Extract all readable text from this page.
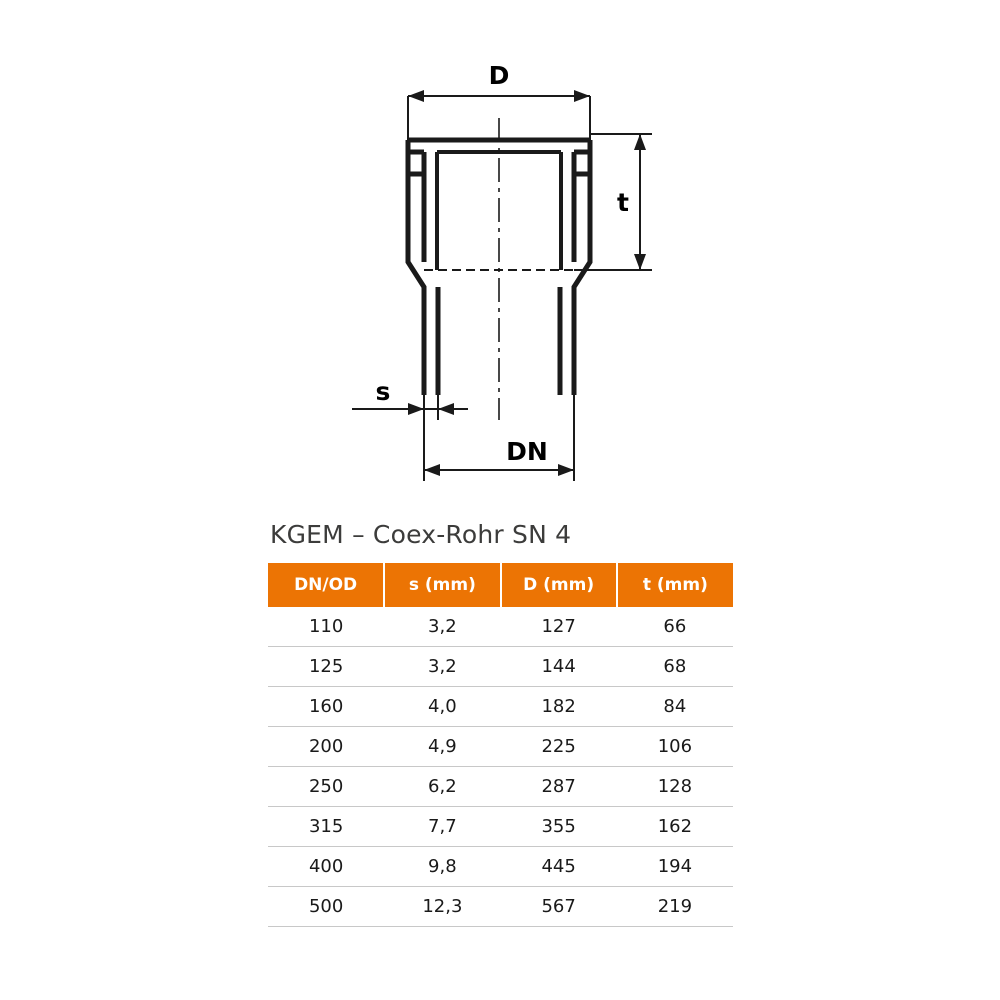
D
t
s
DN
KGEM – Coex-Rohr SN 4
DN/OD	s (mm)	D (mm)	t (mm)
110	3,2	127	66
125	3,2	144	68
160	4,0	182	84
200	4,9	225	106
250	6,2	287	128
315	7,7	355	162
400	9,8	445	194
500	12,3	567	219
